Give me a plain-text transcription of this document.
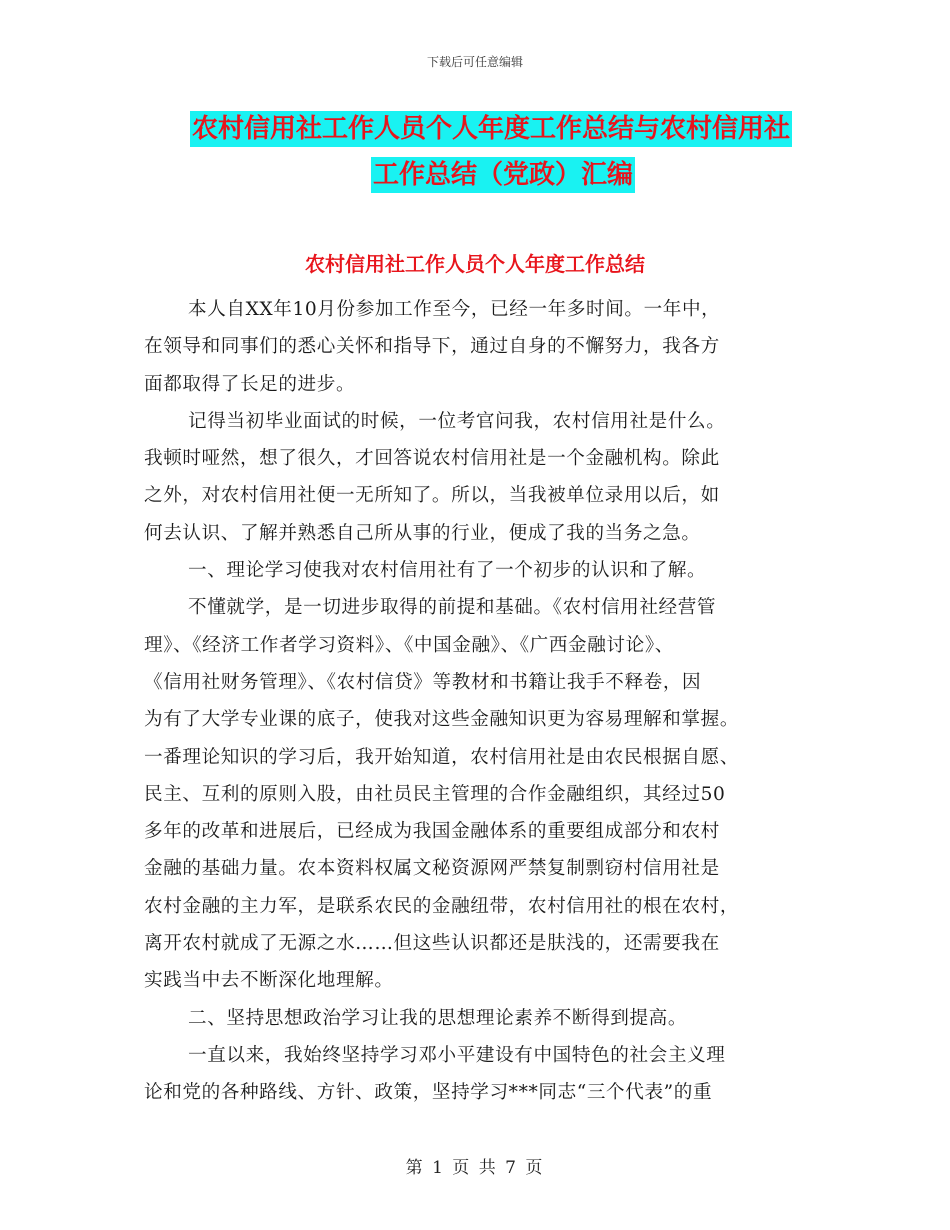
下载后可任意编辑
农村信用社工作人员个人年度工作总结与农村信用社
工作总结（党政）汇编
农村信用社工作人员个人年度工作总结
本人自XX年10月份参加工作至今，已经一年多时间。一年中，
在领导和同事们的悉心关怀和指导下，通过自身的不懈努力，我各方
面都取得了长足的进步。
记得当初毕业面试的时候，一位考官问我，农村信用社是什么。
我顿时哑然，想了很久，才回答说农村信用社是一个金融机构。除此
之外，对农村信用社便一无所知了。所以，当我被单位录用以后，如
何去认识、了解并熟悉自己所从事的行业，便成了我的当务之急。
一、理论学习使我对农村信用社有了一个初步的认识和了解。
不懂就学，是一切进步取得的前提和基础。《农村信用社经营管
理》、《经济工作者学习资料》、《中国金融》、《广西金融讨论》、
《信用社财务管理》、《农村信贷》等教材和书籍让我手不释卷，因
为有了大学专业课的底子，使我对这些金融知识更为容易理解和掌握。
一番理论知识的学习后，我开始知道，农村信用社是由农民根据自愿、
民主、互利的原则入股，由社员民主管理的合作金融组织，其经过50
多年的改革和进展后，已经成为我国金融体系的重要组成部分和农村
金融的基础力量。农本资料权属文秘资源网严禁复制剽窃村信用社是
农村金融的主力军，是联系农民的金融纽带，农村信用社的根在农村，
离开农村就成了无源之水……但这些认识都还是肤浅的，还需要我在
实践当中去不断深化地理解。
二、坚持思想政治学习让我的思想理论素养不断得到提高。
一直以来，我始终坚持学习邓小平建设有中国特色的社会主义理
论和党的各种路线、方针、政策，坚持学习***同志“三个代表”的重
第 1 页 共 7 页
